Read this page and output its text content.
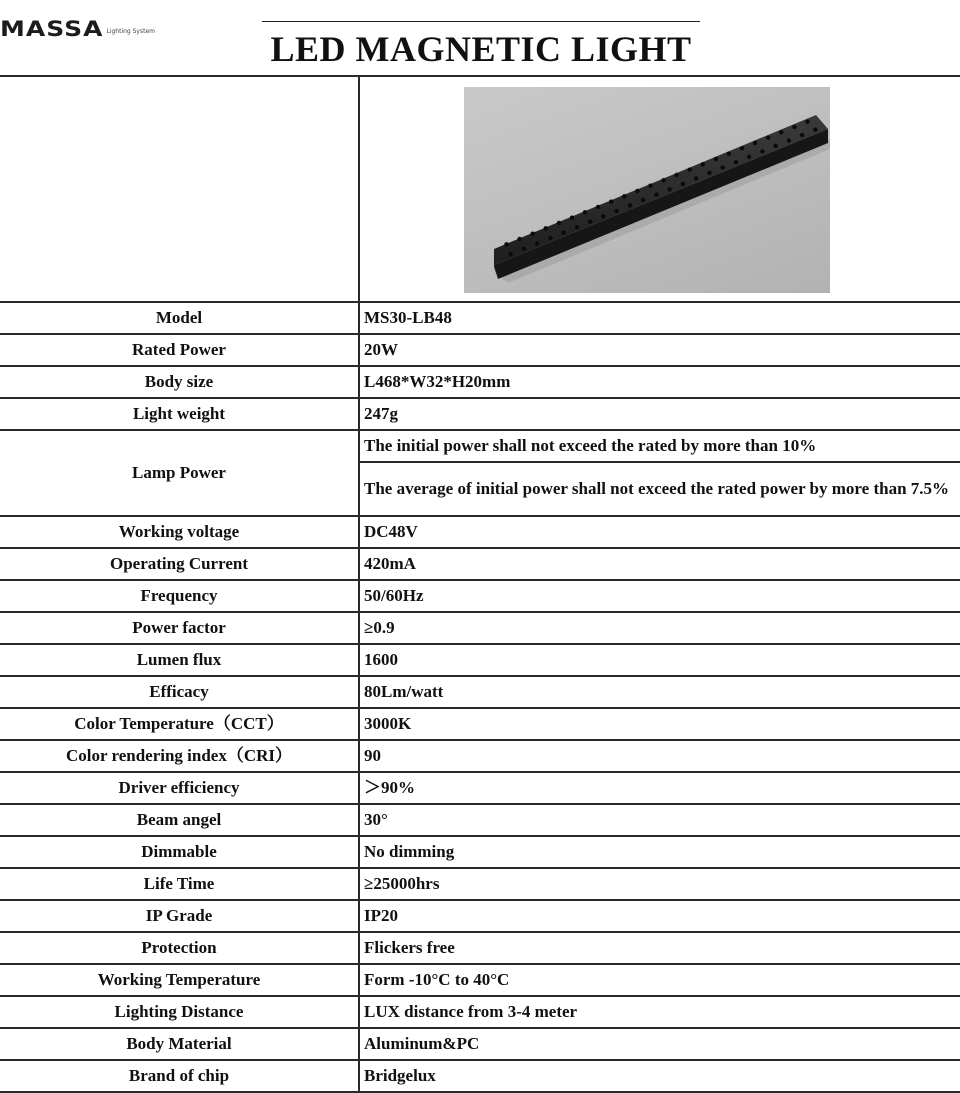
MASSA Lighting System	LED MAGNETIC LIGHT

Model	MS30-LB48
Rated Power	20W
Body size	L468*W32*H20mm
Light weight	247g
Lamp Power	The initial power shall not exceed the rated by more than 10%
	The average of initial power shall not exceed the rated power by more than 7.5%
Working voltage	DC48V
Operating Current	420mA
Frequency	50/60Hz
Power factor	≥0.9
Lumen flux	1600
Efficacy	80Lm/watt
Color Temperature（CCT）	3000K
Color rendering index（CRI）	90
Driver efficiency	＞90%
Beam angel	30°
Dimmable	No dimming
Life Time	≥25000hrs
IP Grade	IP20
Protection	Flickers free
Working Temperature	Form -10°C to 40°C
Lighting Distance	LUX distance from 3-4 meter
Body Material	Aluminum&PC
Brand of chip	Bridgelux
